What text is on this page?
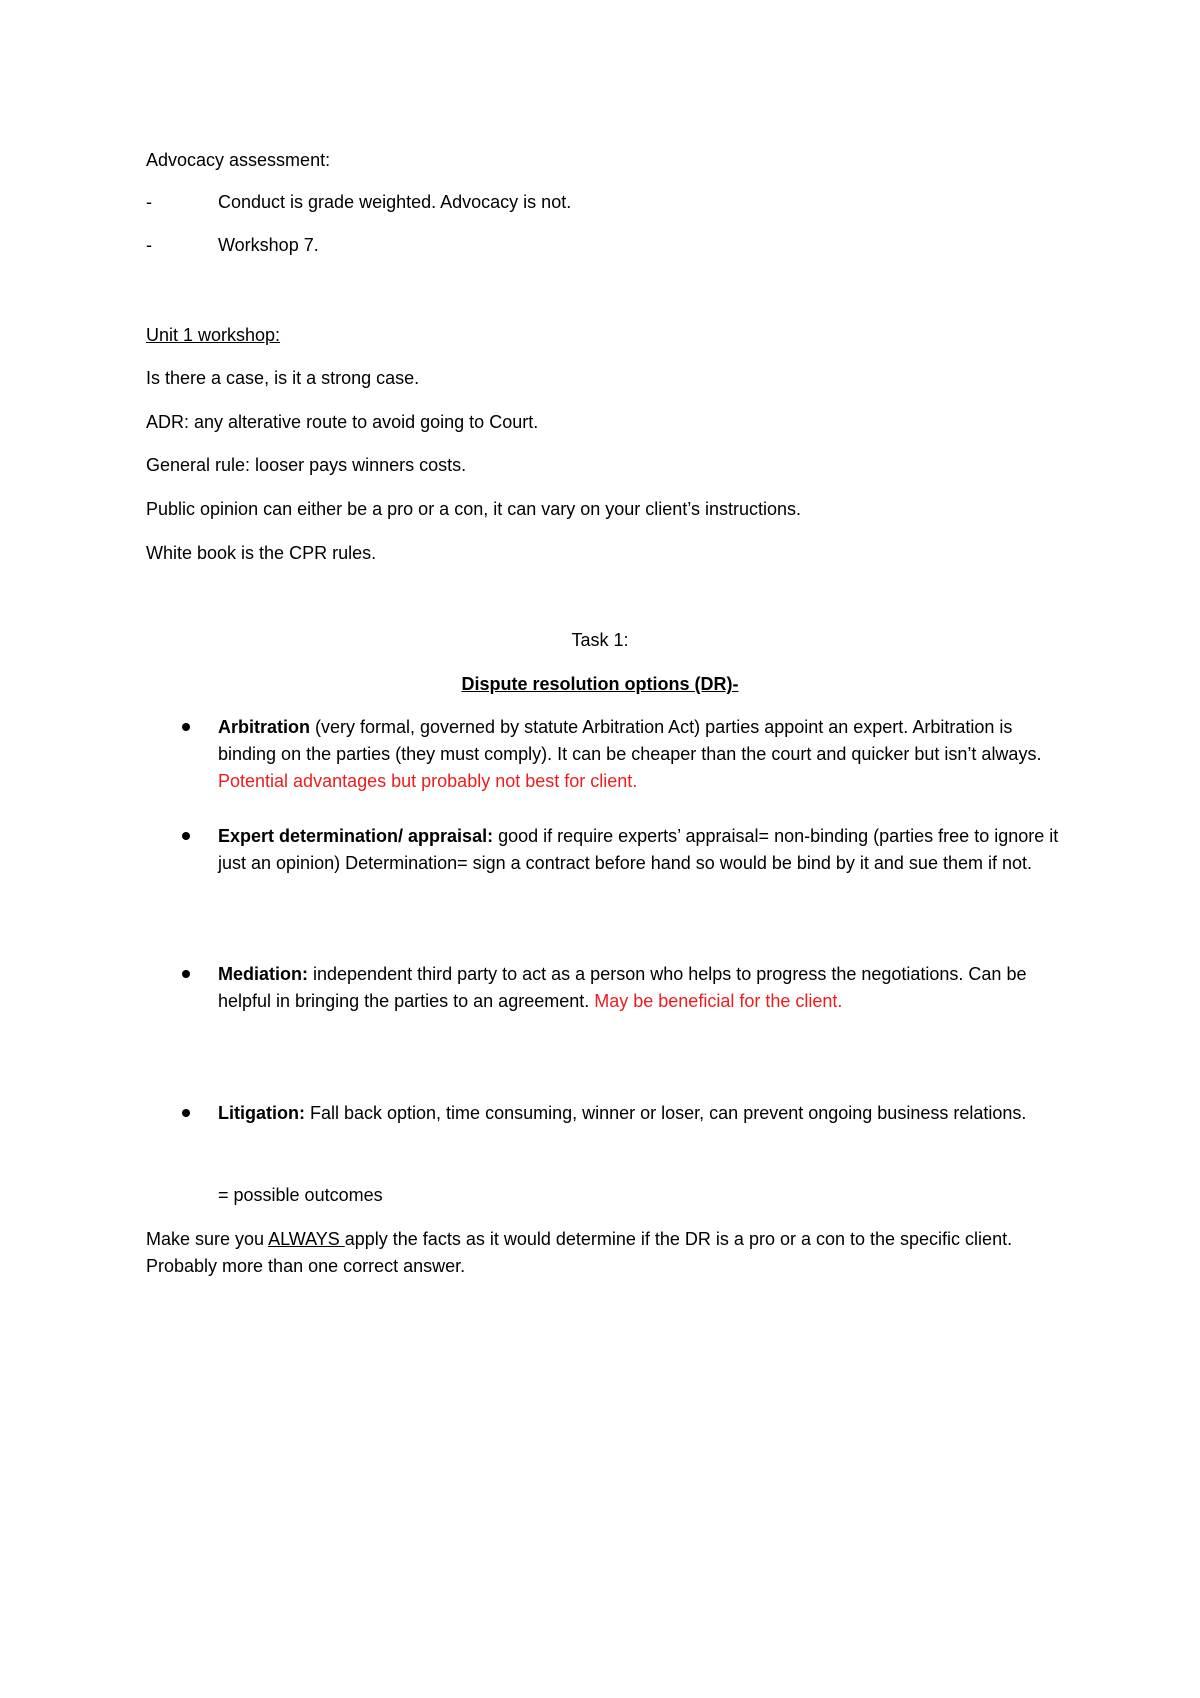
Advocacy assessment:
-	Conduct is grade weighted. Advocacy is not.
-	Workshop 7.
Unit 1 workshop:
Is there a case, is it a strong case.
ADR: any alterative route to avoid going to Court.
General rule: looser pays winners costs.
Public opinion can either be a pro or a con, it can vary on your client’s instructions.
White book is the CPR rules.
Task 1:
Dispute resolution options (DR)-
Arbitration (very formal, governed by statute Arbitration Act) parties appoint an expert. Arbitration is binding on the parties (they must comply). It can be cheaper than the court and quicker but isn’t always. Potential advantages but probably not best for client.
Expert determination/ appraisal: good if require experts’ appraisal= non-binding (parties free to ignore it just an opinion) Determination= sign a contract before hand so would be bind by it and sue them if not.
Mediation: independent third party to act as a person who helps to progress the negotiations. Can be helpful in bringing the parties to an agreement. May be beneficial for the client.
Litigation: Fall back option, time consuming, winner or loser, can prevent ongoing business relations.
= possible outcomes
Make sure you ALWAYS apply the facts as it would determine if the DR is a pro or a con to the specific client. Probably more than one correct answer.
